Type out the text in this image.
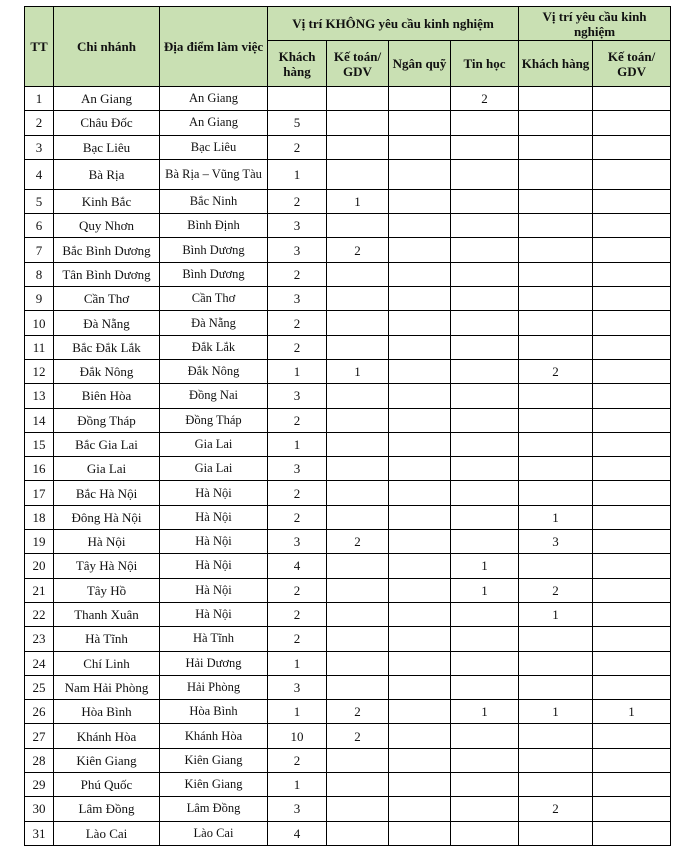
TT	Chi nhánh	Địa điểm làm việc	Vị trí KHÔNG yêu cầu kinh nghiệm				Vị trí yêu cầu kinh nghiệm	
			Khách hàng	Kế toán/ GDV	Ngân quỹ	Tin học	Khách hàng	Kế toán/ GDV
1	An Giang	An Giang				2		
2	Châu Đốc	An Giang	5					
3	Bạc Liêu	Bạc Liêu	2					
4	Bà Rịa	Bà Rịa – Vũng Tàu	1					
5	Kinh Bắc	Bắc Ninh	2	1				
6	Quy Nhơn	Bình Định	3					
7	Bắc Bình Dương	Bình Dương	3	2				
8	Tân Bình Dương	Bình Dương	2					
9	Cần Thơ	Cần Thơ	3					
10	Đà Nẵng	Đà Nẵng	2					
11	Bắc Đắk Lắk	Đắk Lắk	2					
12	Đắk Nông	Đắk Nông	1	1			2	
13	Biên Hòa	Đồng Nai	3					
14	Đồng Tháp	Đồng Tháp	2					
15	Bắc Gia Lai	Gia Lai	1					
16	Gia Lai	Gia Lai	3					
17	Bắc Hà Nội	Hà Nội	2					
18	Đông Hà Nội	Hà Nội	2				1	
19	Hà Nội	Hà Nội	3	2			3	
20	Tây Hà Nội	Hà Nội	4			1		
21	Tây Hồ	Hà Nội	2			1	2	
22	Thanh Xuân	Hà Nội	2				1	
23	Hà Tĩnh	Hà Tĩnh	2					
24	Chí Linh	Hải Dương	1					
25	Nam Hải Phòng	Hải Phòng	3					
26	Hòa Bình	Hòa Bình	1	2		1	1	1
27	Khánh Hòa	Khánh Hòa	10	2				
28	Kiên Giang	Kiên Giang	2					
29	Phú Quốc	Kiên Giang	1					
30	Lâm Đồng	Lâm Đồng	3				2	
31	Lào Cai	Lào Cai	4					
